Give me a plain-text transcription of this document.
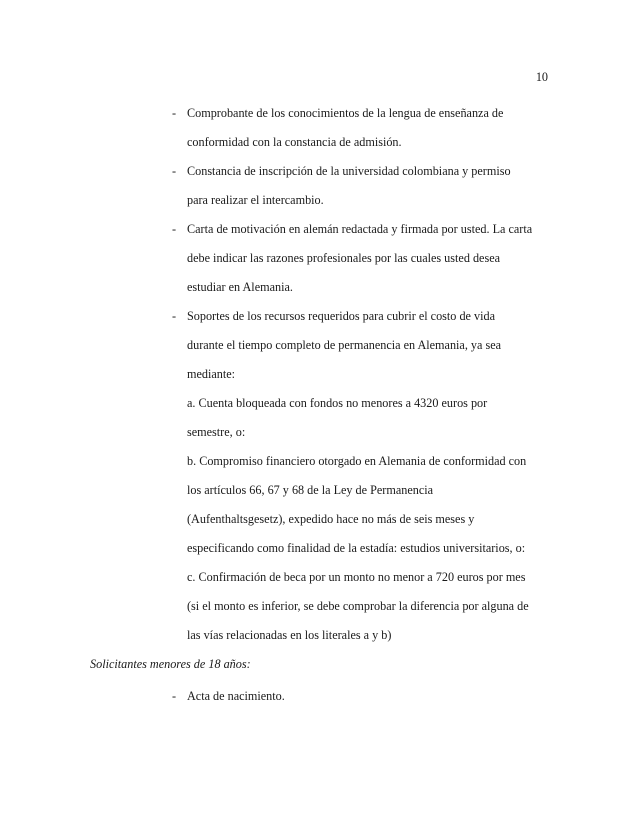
10
- Comprobante de los conocimientos de la lengua de enseñanza de
conformidad con la constancia de admisión.
- Constancia de inscripción de la universidad colombiana y permiso
para realizar el intercambio.
- Carta de motivación en alemán redactada y firmada por usted. La carta
debe indicar las razones profesionales por las cuales usted desea
estudiar en Alemania.
- Soportes de los recursos requeridos para cubrir el costo de vida
durante el tiempo completo de permanencia en Alemania, ya sea
mediante:
a. Cuenta bloqueada con fondos no menores a 4320 euros por
semestre, o:
b. Compromiso financiero otorgado en Alemania de conformidad con
los artículos 66, 67 y 68 de la Ley de Permanencia
(Aufenthaltsgesetz), expedido hace no más de seis meses y
especificando como finalidad de la estadía: estudios universitarios, o:
c. Confirmación de beca por un monto no menor a 720 euros por mes
(si el monto es inferior, se debe comprobar la diferencia por alguna de
las vías relacionadas en los literales a y b)
Solicitantes menores de 18 años:
- Acta de nacimiento.
